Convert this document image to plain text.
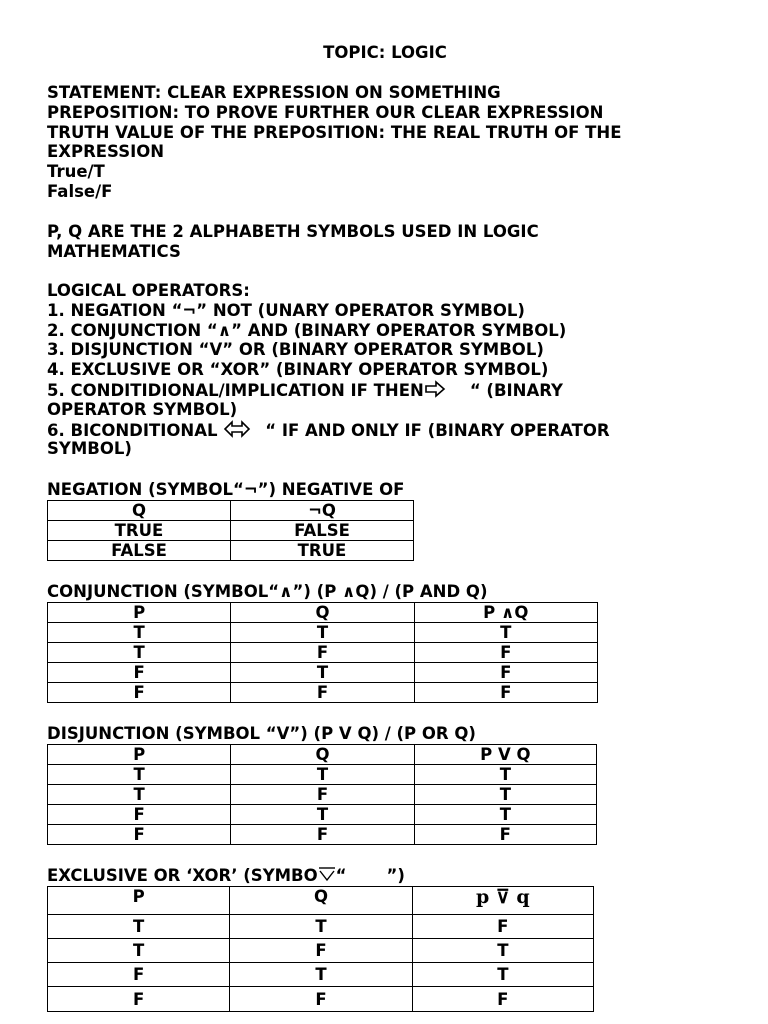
TOPIC: LOGIC
STATEMENT: CLEAR EXPRESSION ON SOMETHING
PREPOSITION: TO PROVE FURTHER OUR CLEAR EXPRESSION
TRUTH VALUE OF THE PREPOSITION: THE REAL TRUTH OF THE
EXPRESSION
True/T
False/F
P, Q ARE THE 2 ALPHABETH SYMBOLS USED IN LOGIC
MATHEMATICS
LOGICAL OPERATORS:
1. NEGATION “¬” NOT (UNARY OPERATOR SYMBOL)
2. CONJUNCTION “∧” AND (BINARY OPERATOR SYMBOL)
3. DISJUNCTION “V” OR (BINARY OPERATOR SYMBOL)
4. EXCLUSIVE OR “XOR” (BINARY OPERATOR SYMBOL)
5. CONDITIDIONAL/IMPLICATION IF THEN	“ (BINARY
OPERATOR SYMBOL)
6. BICONDITIONAL	“ IF AND ONLY IF (BINARY OPERATOR
SYMBOL)
NEGATION (SYMBOL“¬”) NEGATIVE OF
Q	¬Q
TRUE	FALSE
FALSE	TRUE
CONJUNCTION (SYMBOL“∧”) (P ∧Q) / (P AND Q)
P	Q	P ∧Q
T	T	T
T	F	F
F	T	F
F	F	F
DISJUNCTION (SYMBOL “V”) (P V Q) / (P OR Q)
P	Q	P V Q
T	T	T
T	F	T
F	T	T
F	F	F
EXCLUSIVE OR ‘XOR’ (SYMBO “ ”)
P	Q	p ⊽ q
T	T	F
T	F	T
F	T	T
F	F	F
